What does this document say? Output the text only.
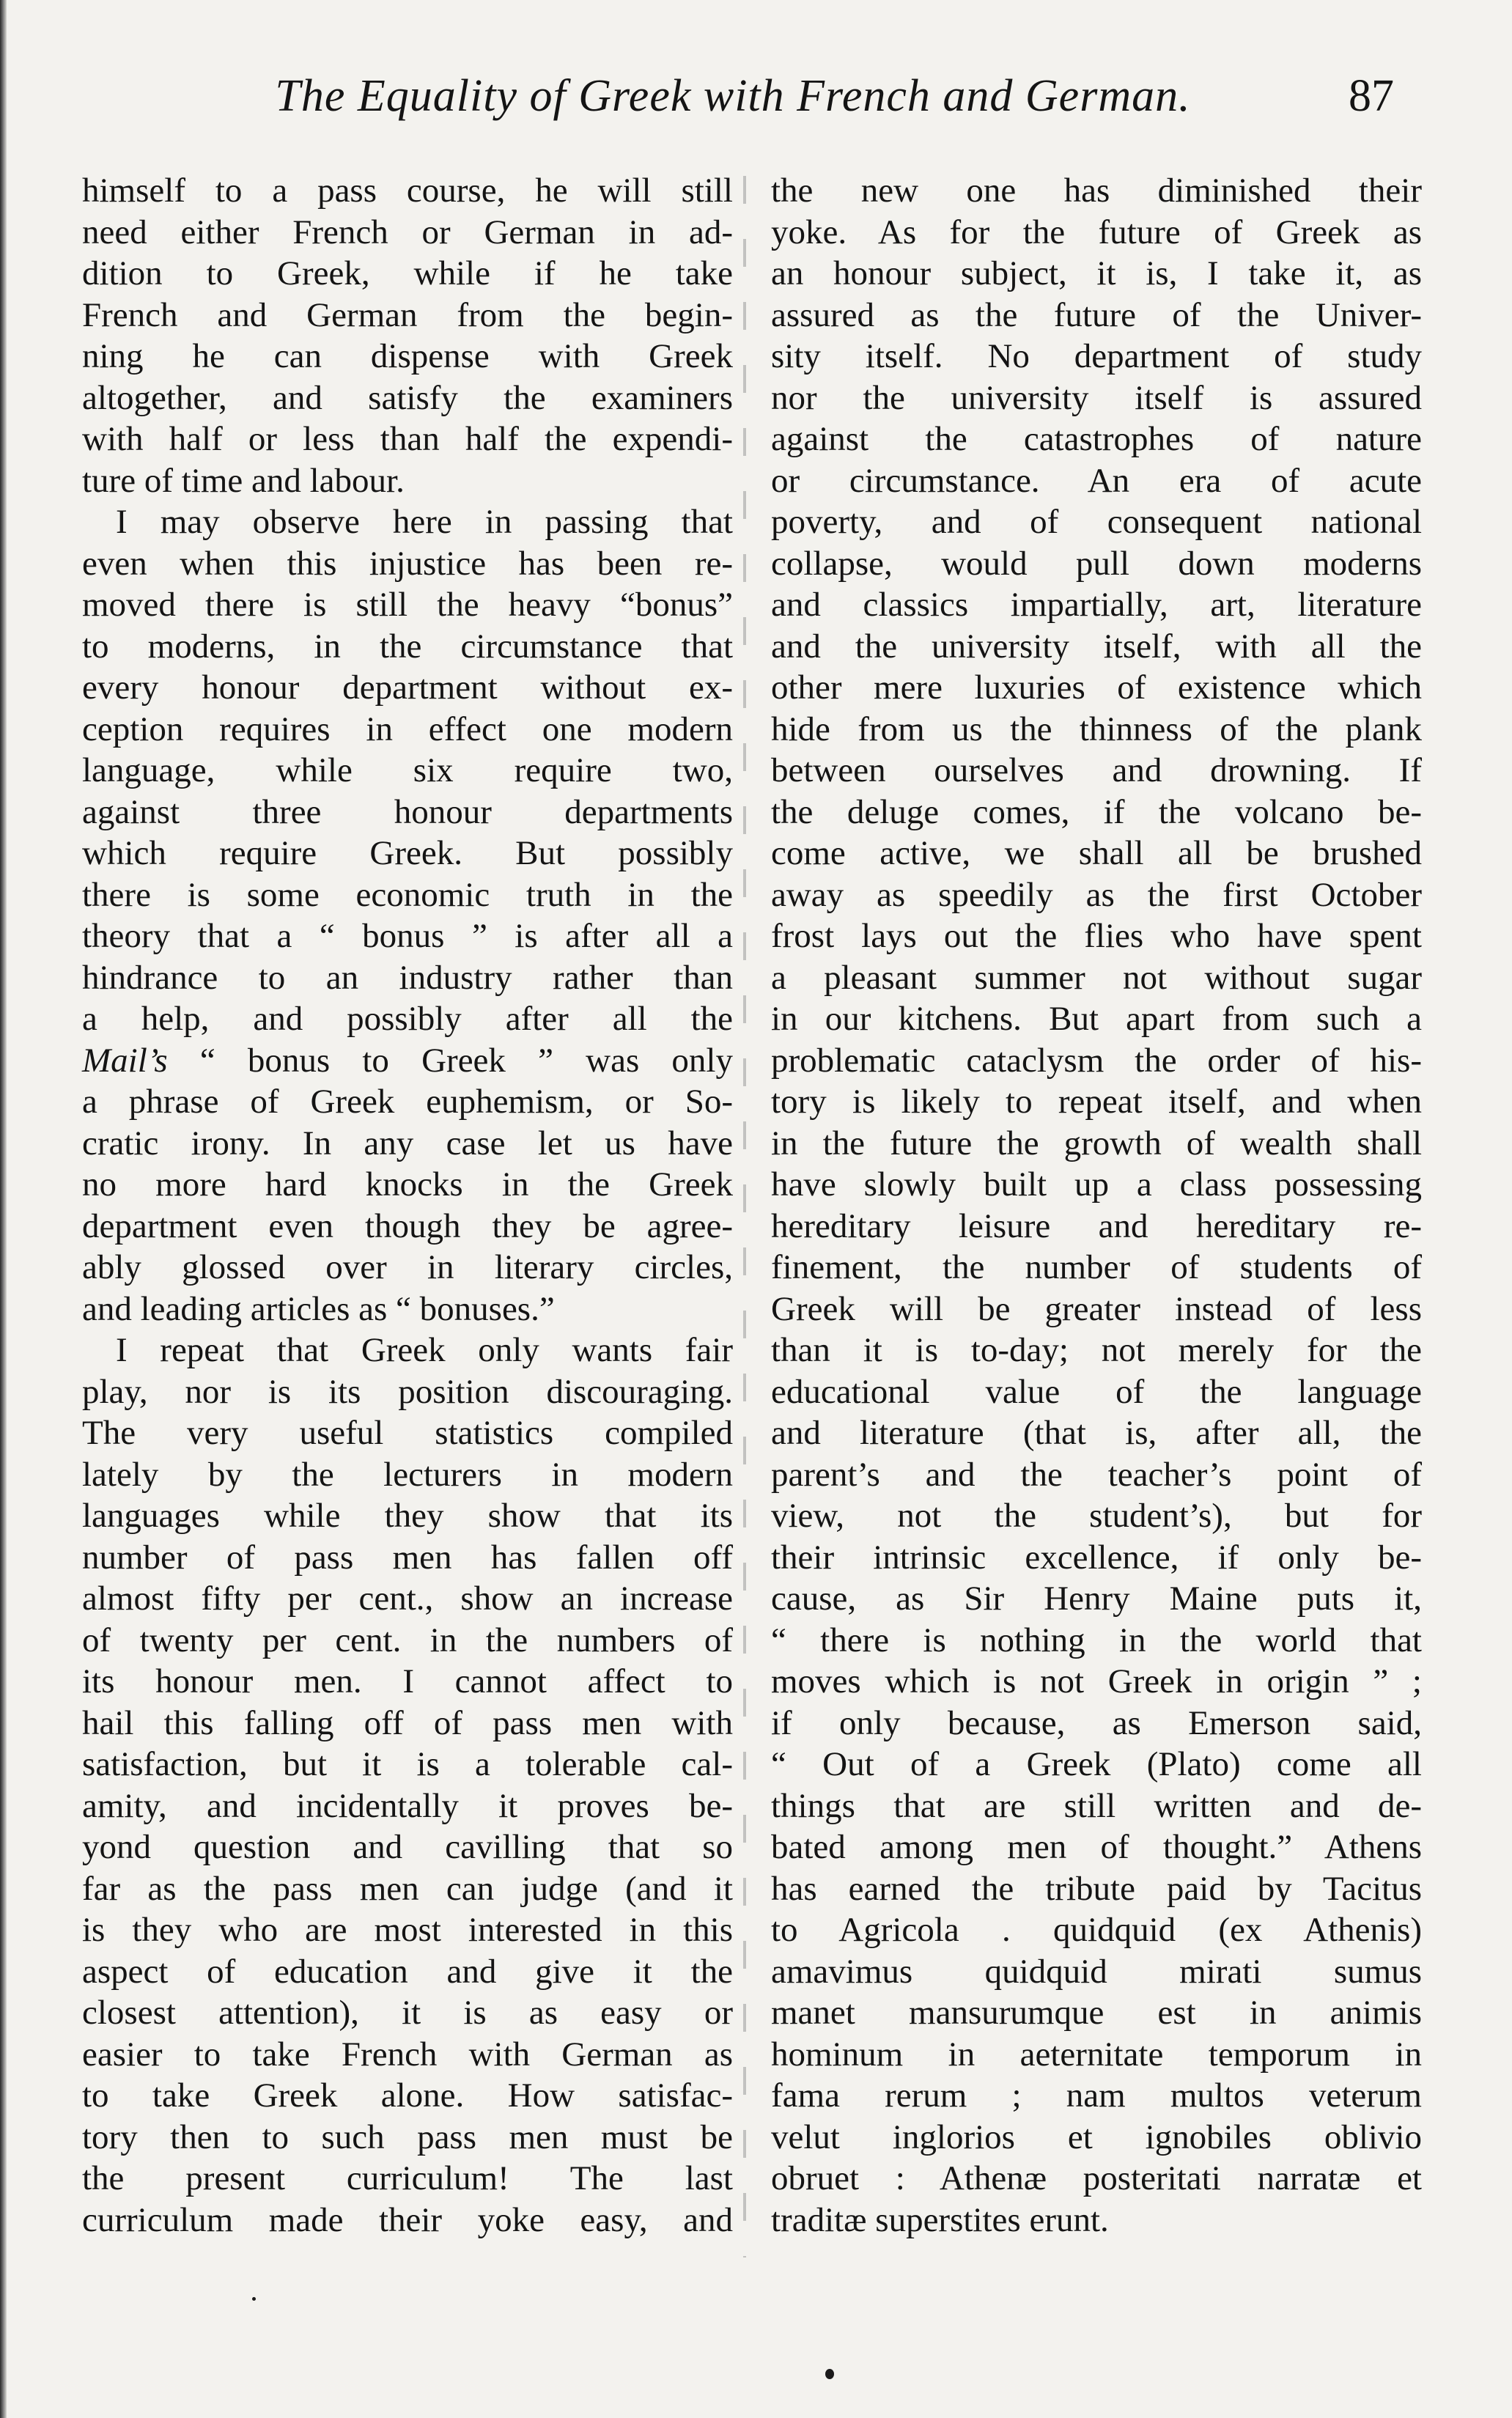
The Equality of Greek with French and German.	87
himself to a pass course, he will still
need either French or German in ad-
dition to Greek, while if he take
French and German from the begin-
ning he can dispense with Greek
altogether, and satisfy the examiners
with half or less than half the expendi-
ture of time and labour.
I may observe here in passing that
even when this injustice has been re-
moved there is still the heavy “bonus”
to moderns, in the circumstance that
every honour department without ex-
ception requires in effect one modern
language, while six require two,
against three honour departments
which require Greek. But possibly
there is some economic truth in the
theory that a “ bonus ” is after all a
hindrance to an industry rather than
a help, and possibly after all the
Mail’s “ bonus to Greek ” was only
a phrase of Greek euphemism, or So-
cratic irony. In any case let us have
no more hard knocks in the Greek
department even though they be agree-
ably glossed over in literary circles,
and leading articles as “ bonuses.”
I repeat that Greek only wants fair
play, nor is its position discouraging.
The very useful statistics compiled
lately by the lecturers in modern
languages while they show that its
number of pass men has fallen off
almost fifty per cent., show an increase
of twenty per cent. in the numbers of
its honour men. I cannot affect to
hail this falling off of pass men with
satisfaction, but it is a tolerable cal-
amity, and incidentally it proves be-
yond question and cavilling that so
far as the pass men can judge (and it
is they who are most interested in this
aspect of education and give it the
closest attention), it is as easy or
easier to take French with German as
to take Greek alone. How satisfac-
tory then to such pass men must be
the present curriculum! The last
curriculum made their yoke easy, and
the new one has diminished their
yoke. As for the future of Greek as
an honour subject, it is, I take it, as
assured as the future of the Univer-
sity itself. No department of study
nor the university itself is assured
against the catastrophes of nature
or circumstance. An era of acute
poverty, and of consequent national
collapse, would pull down moderns
and classics impartially, art, literature
and the university itself, with all the
other mere luxuries of existence which
hide from us the thinness of the plank
between ourselves and drowning. If
the deluge comes, if the volcano be-
come active, we shall all be brushed
away as speedily as the first October
frost lays out the flies who have spent
a pleasant summer not without sugar
in our kitchens. But apart from such a
problematic cataclysm the order of his-
tory is likely to repeat itself, and when
in the future the growth of wealth shall
have slowly built up a class possessing
hereditary leisure and hereditary re-
finement, the number of students of
Greek will be greater instead of less
than it is to-day; not merely for the
educational value of the language
and literature (that is, after all, the
parent’s and the teacher’s point of
view, not the student’s), but for
their intrinsic excellence, if only be-
cause, as Sir Henry Maine puts it,
“ there is nothing in the world that
moves which is not Greek in origin ” ;
if only because, as Emerson said,
“ Out of a Greek (Plato) come all
things that are still written and de-
bated among men of thought.” Athens
has earned the tribute paid by Tacitus
to Agricola . quidquid (ex Athenis)
amavimus quidquid mirati sumus
manet mansurumque est in animis
hominum in aeternitate temporum in
fama rerum ; nam multos veterum
velut inglorios et ignobiles oblivio
obruet : Athenæ posteritati narratæ et
traditæ superstites erunt.
